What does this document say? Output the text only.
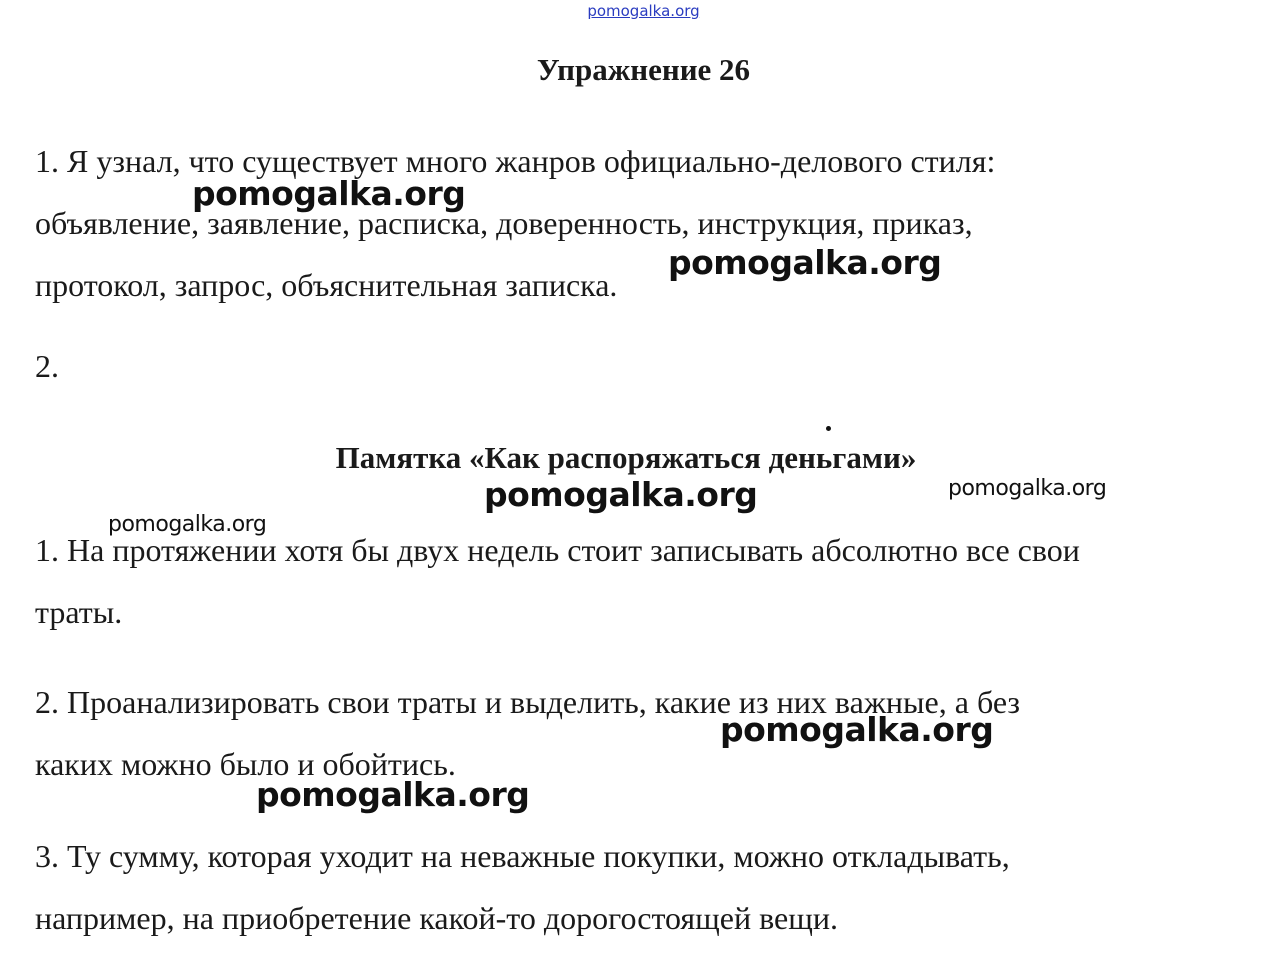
pomogalka.org
Упражнение 26
1. Я узнал, что существует много жанров официально-делового стиля:
объявление, заявление, расписка, доверенность, инструкция, приказ,
протокол, запрос, объяснительная записка.
2.
Памятка «Как распоряжаться деньгами»
1. На протяжении хотя бы двух недель стоит записывать абсолютно все свои
траты.
2. Проанализировать свои траты и выделить, какие из них важные, а без
каких можно было и обойтись.
3. Ту сумму, которая уходит на неважные покупки, можно откладывать,
например, на приобретение какой-то дорогостоящей вещи.
pomogalka.org
pomogalka.org
pomogalka.org	pomogalka.org
pomogalka.org
pomogalka.org
pomogalka.org
